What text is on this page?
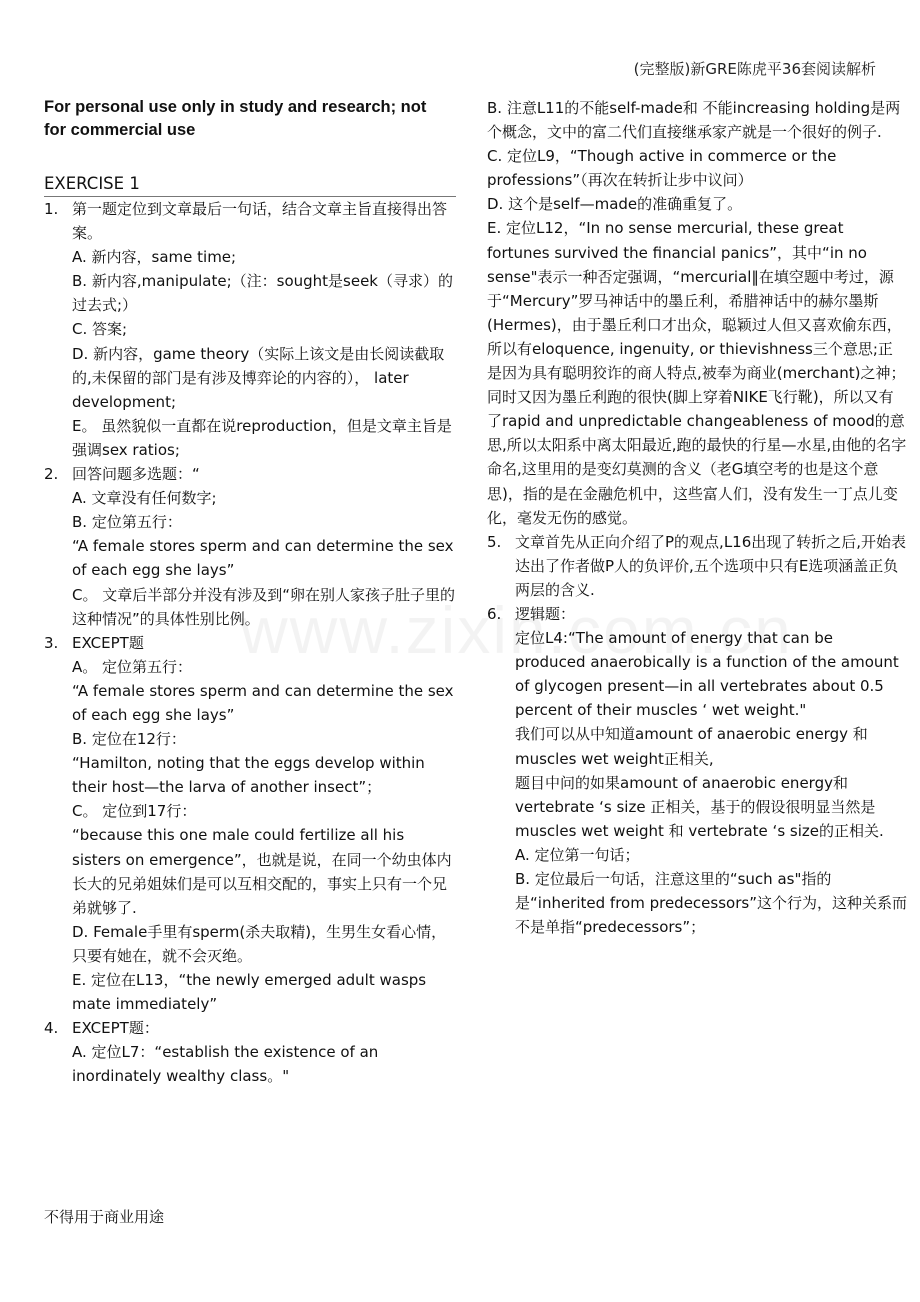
(完整版)新GRE陈虎平36套阅读解析
For personal use only in study and research; not
for commercial use
EXERCISE 1
1. 第一题定位到文章最后一句话，结合文章主旨直接得出答案。
A. 新内容，same time;
B. 新内容,manipulate;（注：sought是seek（寻求）的过去式;）
C. 答案;
D. 新内容，game theory（实际上该文是由长阅读截取的,未保留的部门是有涉及博弈论的内容的）， later development;
E。 虽然貌似一直都在说reproduction，但是文章主旨是强调sex ratios;
2. 回答问题多选题：“
A. 文章没有任何数字;
B. 定位第五行：
“A female stores sperm and can determine the sex of each egg she lays”
C。 文章后半部分并没有涉及到“卵在别人家孩子肚子里的这种情况”的具体性别比例。
3. EXCEPT题
A。 定位第五行：
“A female stores sperm and can determine the sex of each egg she lays”
B. 定位在12行：
“Hamilton, noting that the eggs develop within their host—the larva of another insect”；
C。 定位到17行：
“because this one male could fertilize all his sisters on emergence”，也就是说，在同一个幼虫体内长大的兄弟姐妹们是可以互相交配的，事实上只有一个兄弟就够了.
D. Female手里有sperm(杀夫取精)，生男生女看心情，只要有她在，就不会灭绝。
E. 定位在L13，“the newly emerged adult wasps mate immediately”
4. EXCEPT题：
A. 定位L7：“establish the existence of an inordinately wealthy class。"
B. 注意L11的不能self-made和 不能increasing holding是两个概念，文中的富二代们直接继承家产就是一个很好的例子.
C. 定位L9，“Though active in commerce or the professions”（再次在转折让步中议问）
D. 这个是self—made的准确重复了。
E. 定位L12，“In no sense mercurial, these great fortunes survived the financial panics”，其中“in no sense"表示一种否定强调，“mercurial‖在填空题中考过，源于“Mercury”罗马神话中的墨丘利，希腊神话中的赫尔墨斯(Hermes)，由于墨丘利口才出众，聪颖过人但又喜欢偷东西，所以有eloquence, ingenuity, or thievishness三个意思;正是因为具有聪明狡诈的商人特点,被奉为商业(merchant)之神；同时又因为墨丘利跑的很快(脚上穿着NIKE飞行靴)，所以又有了rapid and unpredictable changeableness of mood的意思,所以太阳系中离太阳最近,跑的最快的行星—水星,由他的名字命名,这里用的是变幻莫测的含义（老G填空考的也是这个意思)，指的是在金融危机中，这些富人们，没有发生一丁点儿变化，毫发无伤的感觉。
5. 文章首先从正向介绍了P的观点,L16出现了转折之后,开始表达出了作者做P人的负评价,五个选项中只有E选项涵盖正负两层的含义.
6. 逻辑题：
定位L4:“The amount of energy that can be produced anaerobically is a function of the amount of glycogen present—in all vertebrates about 0.5 percent of their muscles ‘ wet weight."
我们可以从中知道amount of anaerobic energy 和muscles wet weight正相关,
题目中问的如果amount of anaerobic energy和vertebrate ‘s size 正相关，基于的假设很明显当然是muscles wet weight 和 vertebrate ‘s size的正相关.
A. 定位第一句话；
B. 定位最后一句话，注意这里的“such as"指的是“inherited from predecessors”这个行为，这种关系而不是单指“predecessors”；
不得用于商业用途
